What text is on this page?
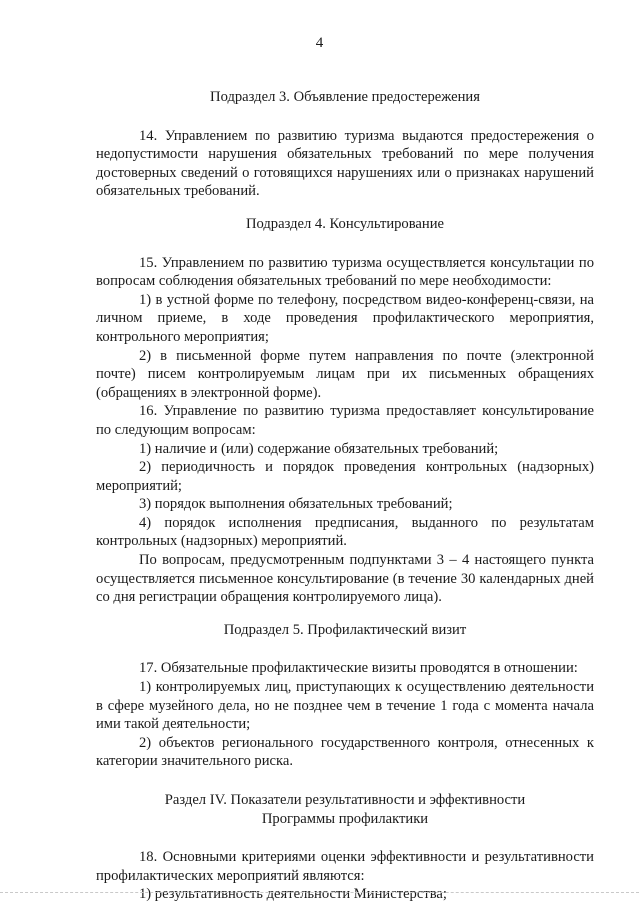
4

Подраздел 3. Объявление предостережения

14. Управлением по развитию туризма выдаются предостережения о недопустимости нарушения обязательных требований по мере получения достоверных сведений о готовящихся нарушениях или о признаках нарушений обязательных требований.

Подраздел 4. Консультирование

15. Управлением по развитию туризма осуществляется консультации по вопросам соблюдения обязательных требований по мере необходимости:

1) в устной форме по телефону, посредством видео-конференц-связи, на личном приеме, в ходе проведения профилактического мероприятия, контрольного мероприятия;

2) в письменной форме путем направления по почте (электронной почте) писем контролируемым лицам при их письменных обращениях (обращениях в электронной форме).

16. Управление по развитию туризма предоставляет консультирование по следующим вопросам:

1) наличие и (или) содержание обязательных требований;

2) периодичность и порядок проведения контрольных (надзорных) мероприятий;

3) порядок выполнения обязательных требований;

4) порядок исполнения предписания, выданного по результатам контрольных (надзорных) мероприятий.

По вопросам, предусмотренным подпунктами 3 – 4 настоящего пункта осуществляется письменное консультирование (в течение 30 календарных дней со дня регистрации обращения контролируемого лица).

Подраздел 5. Профилактический визит

17. Обязательные профилактические визиты проводятся в отношении:

1) контролируемых лиц, приступающих к осуществлению деятельности в сфере музейного дела, но не позднее чем в течение 1 года с момента начала ими такой деятельности;

2) объектов регионального государственного контроля, отнесенных к категории значительного риска.

Раздел IV. Показатели результативности и эффективности

Программы профилактики

18. Основными критериями оценки эффективности и результативности профилактических мероприятий являются:

1) результативность деятельности Министерства;
